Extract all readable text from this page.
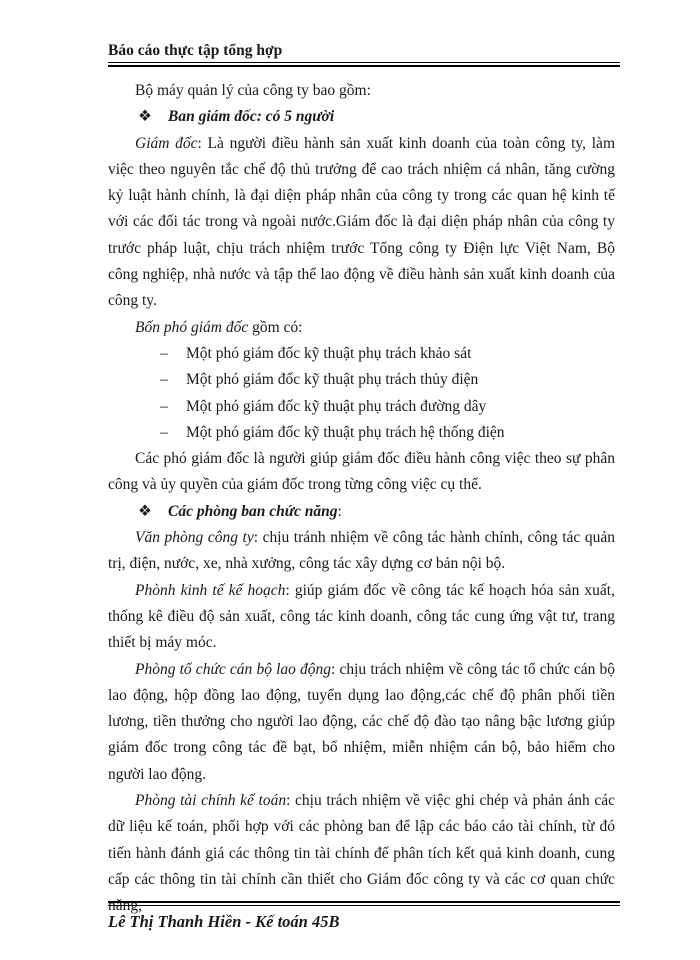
Báo cáo thực tập tổng hợp

Bộ máy quản lý của công ty bao gồm:

❖ Ban giám đốc: có 5 người

Giám đốc: Là người điều hành sản xuất kinh doanh của toàn công ty, làm việc theo nguyên tắc chế độ thủ trưởng để cao trách nhiệm cá nhân, tăng cường kỷ luật hành chính, là đại diện pháp nhân của công ty trong các quan hệ kinh tế với các đối tác trong và ngoài nước.Giám đốc là đại diện pháp nhân của công ty trước pháp luật, chịu trách nhiệm trước Tổng công ty Điện lực Việt Nam, Bộ công nghiệp, nhà nước và tập thể lao động về điều hành sản xuất kinh doanh của công ty.

Bốn phó giám đốc gồm có:

– Một phó giám đốc kỹ thuật phụ trách khảo sát

– Một phó giám đốc kỹ thuật phụ trách thủy điện

– Một phó giám đốc kỹ thuật phụ trách đường dây

– Một phó giám đốc kỹ thuật phụ trách hệ thống điện

Các phó giám đốc là người giúp giám đốc điều hành công việc theo sự phân công và ủy quyền của giám đốc trong từng công việc cụ thể.

❖ Các phòng ban chức năng:

Văn phòng công ty: chịu tránh nhiệm về công tác hành chính, công tác quản trị, điện, nước, xe, nhà xưởng, công tác xây dựng cơ bản nội bộ.

Phònh kinh tế kế hoạch: giúp giám đốc về công tác kế hoạch hóa sản xuất, thống kê điều độ sản xuất, công tác kinh doanh, công tác cung ứng vật tư, trang thiết bị máy móc.

Phòng tổ chức cán bộ lao động: chịu trách nhiệm về công tác tổ chức cán bộ lao động, hộp đồng lao động, tuyển dụng lao động,các chế độ phân phối tiền lương, tiền thưởng cho người lao động, các chế độ đào tạo nâng bậc lương giúp giám đốc trong công tác đề bạt, bổ nhiệm, miễn nhiệm cán bộ, bảo hiểm cho người lao động.

Phòng tài chính kế toán: chịu trách nhiệm về việc ghi chép và phản ánh các dữ liệu kế toán, phối hợp với các phòng ban để lập các báo cáo tài chính, từ đó tiến hành đánh giá các thông tin tài chính để phân tích kết quả kinh doanh, cung cấp các thông tin tài chính cần thiết cho Giám đốc công ty và các cơ quan chức năng,

Lê Thị Thanh Hiền - Kế toán 45B
